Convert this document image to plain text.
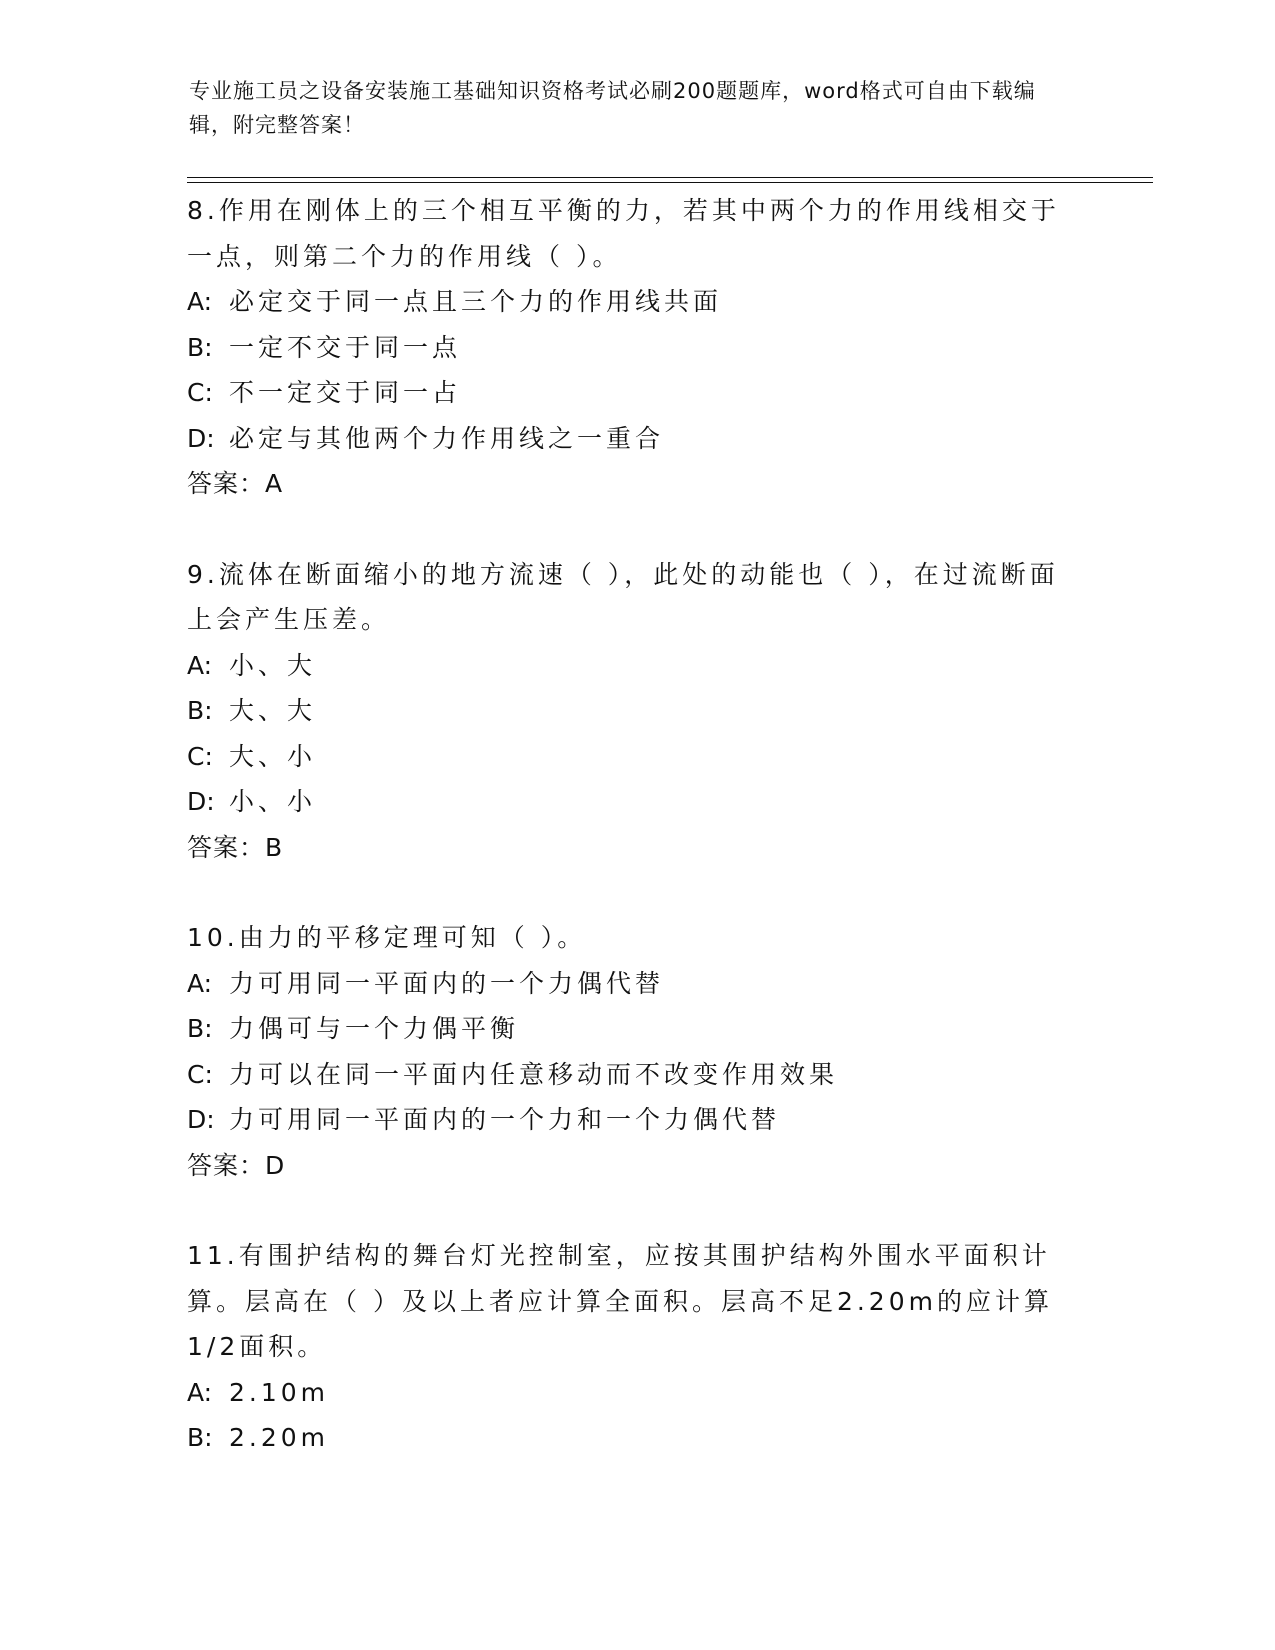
专业施工员之设备安装施工基础知识资格考试必刷200题题库，word格式可自由下载编辑，附完整答案！

8.作用在刚体上的三个相互平衡的力，若其中两个力的作用线相交于一点，则第二个力的作用线（ ）。

A: 必定交于同一点且三个力的作用线共面

B: 一定不交于同一点

C: 不一定交于同一占

D: 必定与其他两个力作用线之一重合

答案：A

9.流体在断面缩小的地方流速（ ），此处的动能也（ ），在过流断面上会产生压差。

A: 小、大

B: 大、大

C: 大、小

D: 小、小

答案：B

10.由力的平移定理可知（ ）。

A: 力可用同一平面内的一个力偶代替

B: 力偶可与一个力偶平衡

C: 力可以在同一平面内任意移动而不改变作用效果

D: 力可用同一平面内的一个力和一个力偶代替

答案：D

11.有围护结构的舞台灯光控制室，应按其围护结构外围水平面积计算。层高在（ ）及以上者应计算全面积。层高不足2.20m的应计算1/2面积。

A: 2.10m

B: 2.20m
